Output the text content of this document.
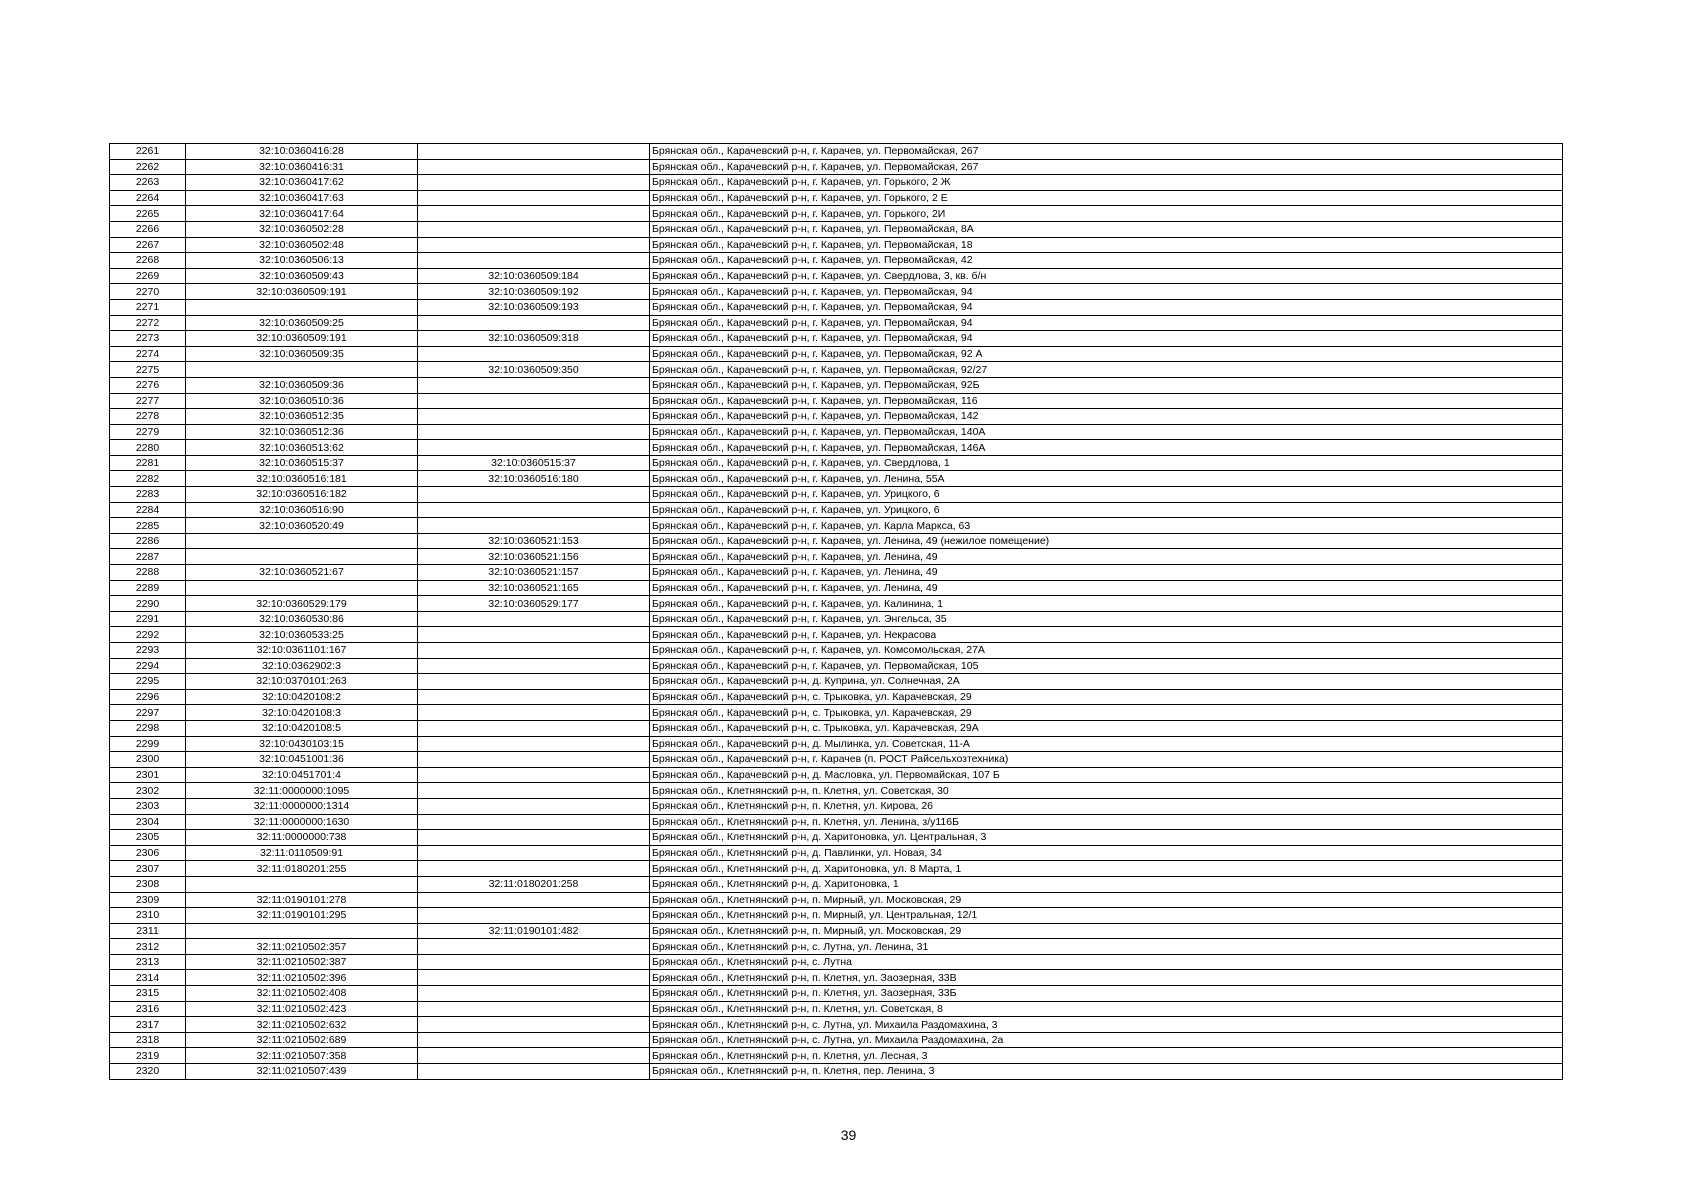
2261	32:10:0360416:28		Брянская обл., Карачевский р-н, г. Карачев, ул. Первомайская, 267
2262	32:10:0360416:31		Брянская обл., Карачевский р-н, г. Карачев, ул. Первомайская, 267
2263	32:10:0360417:62		Брянская обл., Карачевский р-н, г. Карачев, ул. Горького, 2 Ж
2264	32:10:0360417:63		Брянская обл., Карачевский р-н, г. Карачев, ул. Горького, 2 Е
2265	32:10:0360417:64		Брянская обл., Карачевский р-н, г. Карачев, ул. Горького, 2И
2266	32:10:0360502:28		Брянская обл., Карачевский р-н, г. Карачев, ул. Первомайская, 8А
2267	32:10:0360502:48		Брянская обл., Карачевский р-н, г. Карачев, ул. Первомайская, 18
2268	32:10:0360506:13		Брянская обл., Карачевский р-н, г. Карачев, ул. Первомайская, 42
2269	32:10:0360509:43	32:10:0360509:184	Брянская обл., Карачевский р-н, г. Карачев, ул. Свердлова, 3, кв. б/н
2270	32:10:0360509:191	32:10:0360509:192	Брянская обл., Карачевский р-н, г. Карачев, ул. Первомайская, 94
2271		32:10:0360509:193	Брянская обл., Карачевский р-н, г. Карачев, ул. Первомайская, 94
2272	32:10:0360509:25		Брянская обл., Карачевский р-н, г. Карачев, ул. Первомайская, 94
2273	32:10:0360509:191	32:10:0360509:318	Брянская обл., Карачевский р-н, г. Карачев, ул. Первомайская, 94
2274	32:10:0360509:35		Брянская обл., Карачевский р-н, г. Карачев, ул. Первомайская, 92 А
2275		32:10:0360509:350	Брянская обл., Карачевский р-н, г. Карачев, ул. Первомайская, 92/27
2276	32:10:0360509:36		Брянская обл., Карачевский р-н, г. Карачев, ул. Первомайская, 92Б
2277	32:10:0360510:36		Брянская обл., Карачевский р-н, г. Карачев, ул. Первомайская, 116
2278	32:10:0360512:35		Брянская обл., Карачевский р-н, г. Карачев, ул. Первомайская, 142
2279	32:10:0360512:36		Брянская обл., Карачевский р-н, г. Карачев, ул. Первомайская, 140А
2280	32:10:0360513:62		Брянская обл., Карачевский р-н, г. Карачев, ул. Первомайская, 146А
2281	32:10:0360515:37	32:10:0360515:37	Брянская обл., Карачевский р-н, г. Карачев, ул. Свердлова, 1
2282	32:10:0360516:181	32:10:0360516:180	Брянская обл., Карачевский р-н, г. Карачев, ул. Ленина, 55А
2283	32:10:0360516:182		Брянская обл., Карачевский р-н, г. Карачев, ул. Урицкого, 6
2284	32:10:0360516:90		Брянская обл., Карачевский р-н, г. Карачев, ул. Урицкого, 6
2285	32:10:0360520:49		Брянская обл., Карачевский р-н, г. Карачев, ул. Карла Маркса, 63
2286		32:10:0360521:153	Брянская обл., Карачевский р-н, г. Карачев, ул. Ленина, 49 (нежилое помещение)
2287		32:10:0360521:156	Брянская обл., Карачевский р-н, г. Карачев, ул. Ленина, 49
2288	32:10:0360521:67	32:10:0360521:157	Брянская обл., Карачевский р-н, г. Карачев, ул. Ленина, 49
2289		32:10:0360521:165	Брянская обл., Карачевский р-н, г. Карачев, ул. Ленина, 49
2290	32:10:0360529:179	32:10:0360529:177	Брянская обл., Карачевский р-н, г. Карачев, ул. Калинина, 1
2291	32:10:0360530:86		Брянская обл., Карачевский р-н, г. Карачев, ул. Энгельса, 35
2292	32:10:0360533:25		Брянская обл., Карачевский р-н, г. Карачев, ул. Некрасова
2293	32:10:0361101:167		Брянская обл., Карачевский р-н, г. Карачев, ул. Комсомольская, 27А
2294	32:10:0362902:3		Брянская обл., Карачевский р-н, г. Карачев, ул. Первомайская, 105
2295	32:10:0370101:263		Брянская обл., Карачевский р-н, д. Куприна, ул. Солнечная, 2А
2296	32:10:0420108:2		Брянская обл., Карачевский р-н, с. Трыковка, ул. Карачевская, 29
2297	32:10:0420108:3		Брянская обл., Карачевский р-н, с. Трыковка, ул. Карачевская, 29
2298	32:10:0420108:5		Брянская обл., Карачевский р-н, с. Трыковка, ул. Карачевская, 29А
2299	32:10:0430103:15		Брянская обл., Карачевский р-н, д. Мылинка, ул. Советская, 11-А
2300	32:10:0451001:36		Брянская обл., Карачевский р-н, г. Карачев (п. РОСТ Райсельхозтехника)
2301	32:10:0451701:4		Брянская обл., Карачевский р-н, д. Масловка, ул. Первомайская, 107 Б
2302	32:11:0000000:1095		Брянская обл., Клетнянский р-н, п. Клетня, ул. Советская, 30
2303	32:11:0000000:1314		Брянская обл., Клетнянский р-н, п. Клетня, ул. Кирова, 26
2304	32:11:0000000:1630		Брянская обл., Клетнянский р-н, п. Клетня, ул. Ленина, з/у116Б
2305	32:11:0000000:738		Брянская обл., Клетнянский р-н, д. Харитоновка, ул. Центральная, 3
2306	32:11:0110509:91		Брянская обл., Клетнянский р-н, д. Павлинки, ул. Новая, 34
2307	32:11:0180201:255		Брянская обл., Клетнянский р-н, д. Харитоновка, ул. 8 Марта, 1
2308		32:11:0180201:258	Брянская обл., Клетнянский р-н, д. Харитоновка, 1
2309	32:11:0190101:278		Брянская обл., Клетнянский р-н, п. Мирный, ул. Московская, 29
2310	32:11:0190101:295		Брянская обл., Клетнянский р-н, п. Мирный, ул. Центральная, 12/1
2311		32:11:0190101:482	Брянская обл., Клетнянский р-н, п. Мирный, ул. Московская, 29
2312	32:11:0210502:357		Брянская обл., Клетнянский р-н, с. Лутна, ул. Ленина, 31
2313	32:11:0210502:387		Брянская обл., Клетнянский р-н, с. Лутна
2314	32:11:0210502:396		Брянская обл., Клетнянский р-н, п. Клетня, ул. Заозерная, 33В
2315	32:11:0210502:408		Брянская обл., Клетнянский р-н, п. Клетня, ул. Заозерная, 33Б
2316	32:11:0210502:423		Брянская обл., Клетнянский р-н, п. Клетня, ул. Советская, 8
2317	32:11:0210502:632		Брянская обл., Клетнянский р-н, с. Лутна, ул. Михаила Раздомахина, 3
2318	32:11:0210502:689		Брянская обл., Клетнянский р-н, с. Лутна, ул. Михаила Раздомахина, 2а
2319	32:11:0210507:358		Брянская обл., Клетнянский р-н, п. Клетня, ул. Лесная, 3
2320	32:11:0210507:439		Брянская обл., Клетнянский р-н, п. Клетня, пер. Ленина, 3
39
